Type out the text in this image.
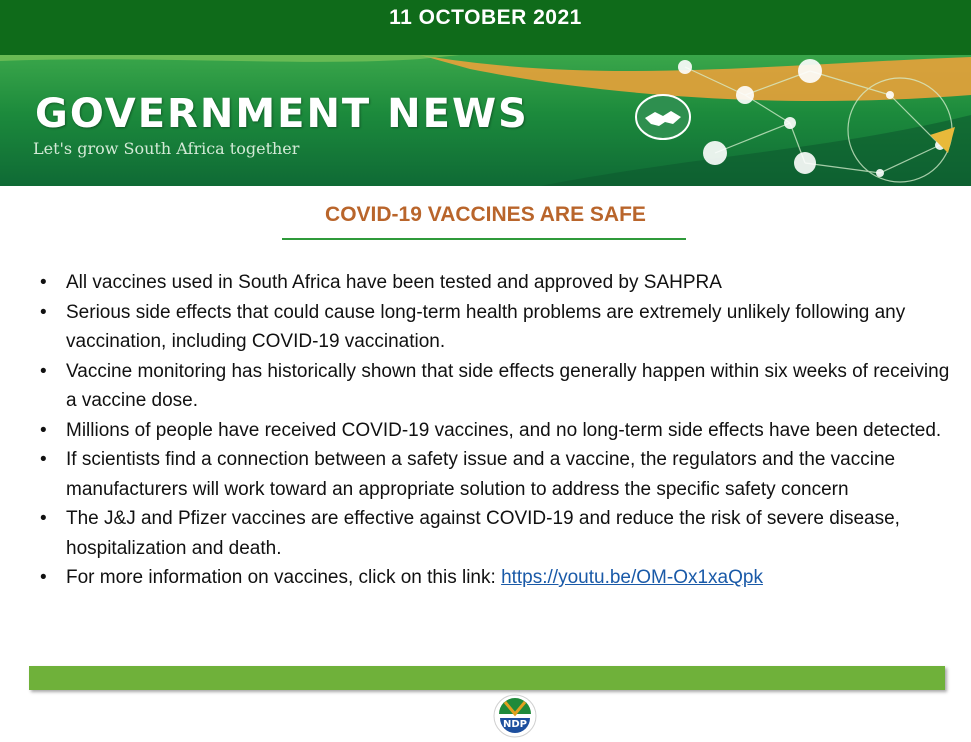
11 OCTOBER 2021
GOVERNMENT NEWS
Let's grow South Africa together
COVID-19 VACCINES ARE SAFE
• All vaccines used in South Africa have been tested and approved by SAHPRA
• Serious side effects that could cause long-term health problems are extremely unlikely following any vaccination, including COVID-19 vaccination.
• Vaccine monitoring has historically shown that side effects generally happen within six weeks of receiving a vaccine dose.
• Millions of people have received COVID-19 vaccines, and no long-term side effects have been detected.
• If scientists find a connection between a safety issue and a vaccine, the regulators and the vaccine manufacturers will work toward an appropriate solution to address the specific safety concern
• The J&J and Pfizer vaccines are effective against COVID-19 and reduce the risk of severe disease, hospitalization and death.
• For more information on vaccines, click on this link: https://youtu.be/OM-Ox1xaQpk
NDP
